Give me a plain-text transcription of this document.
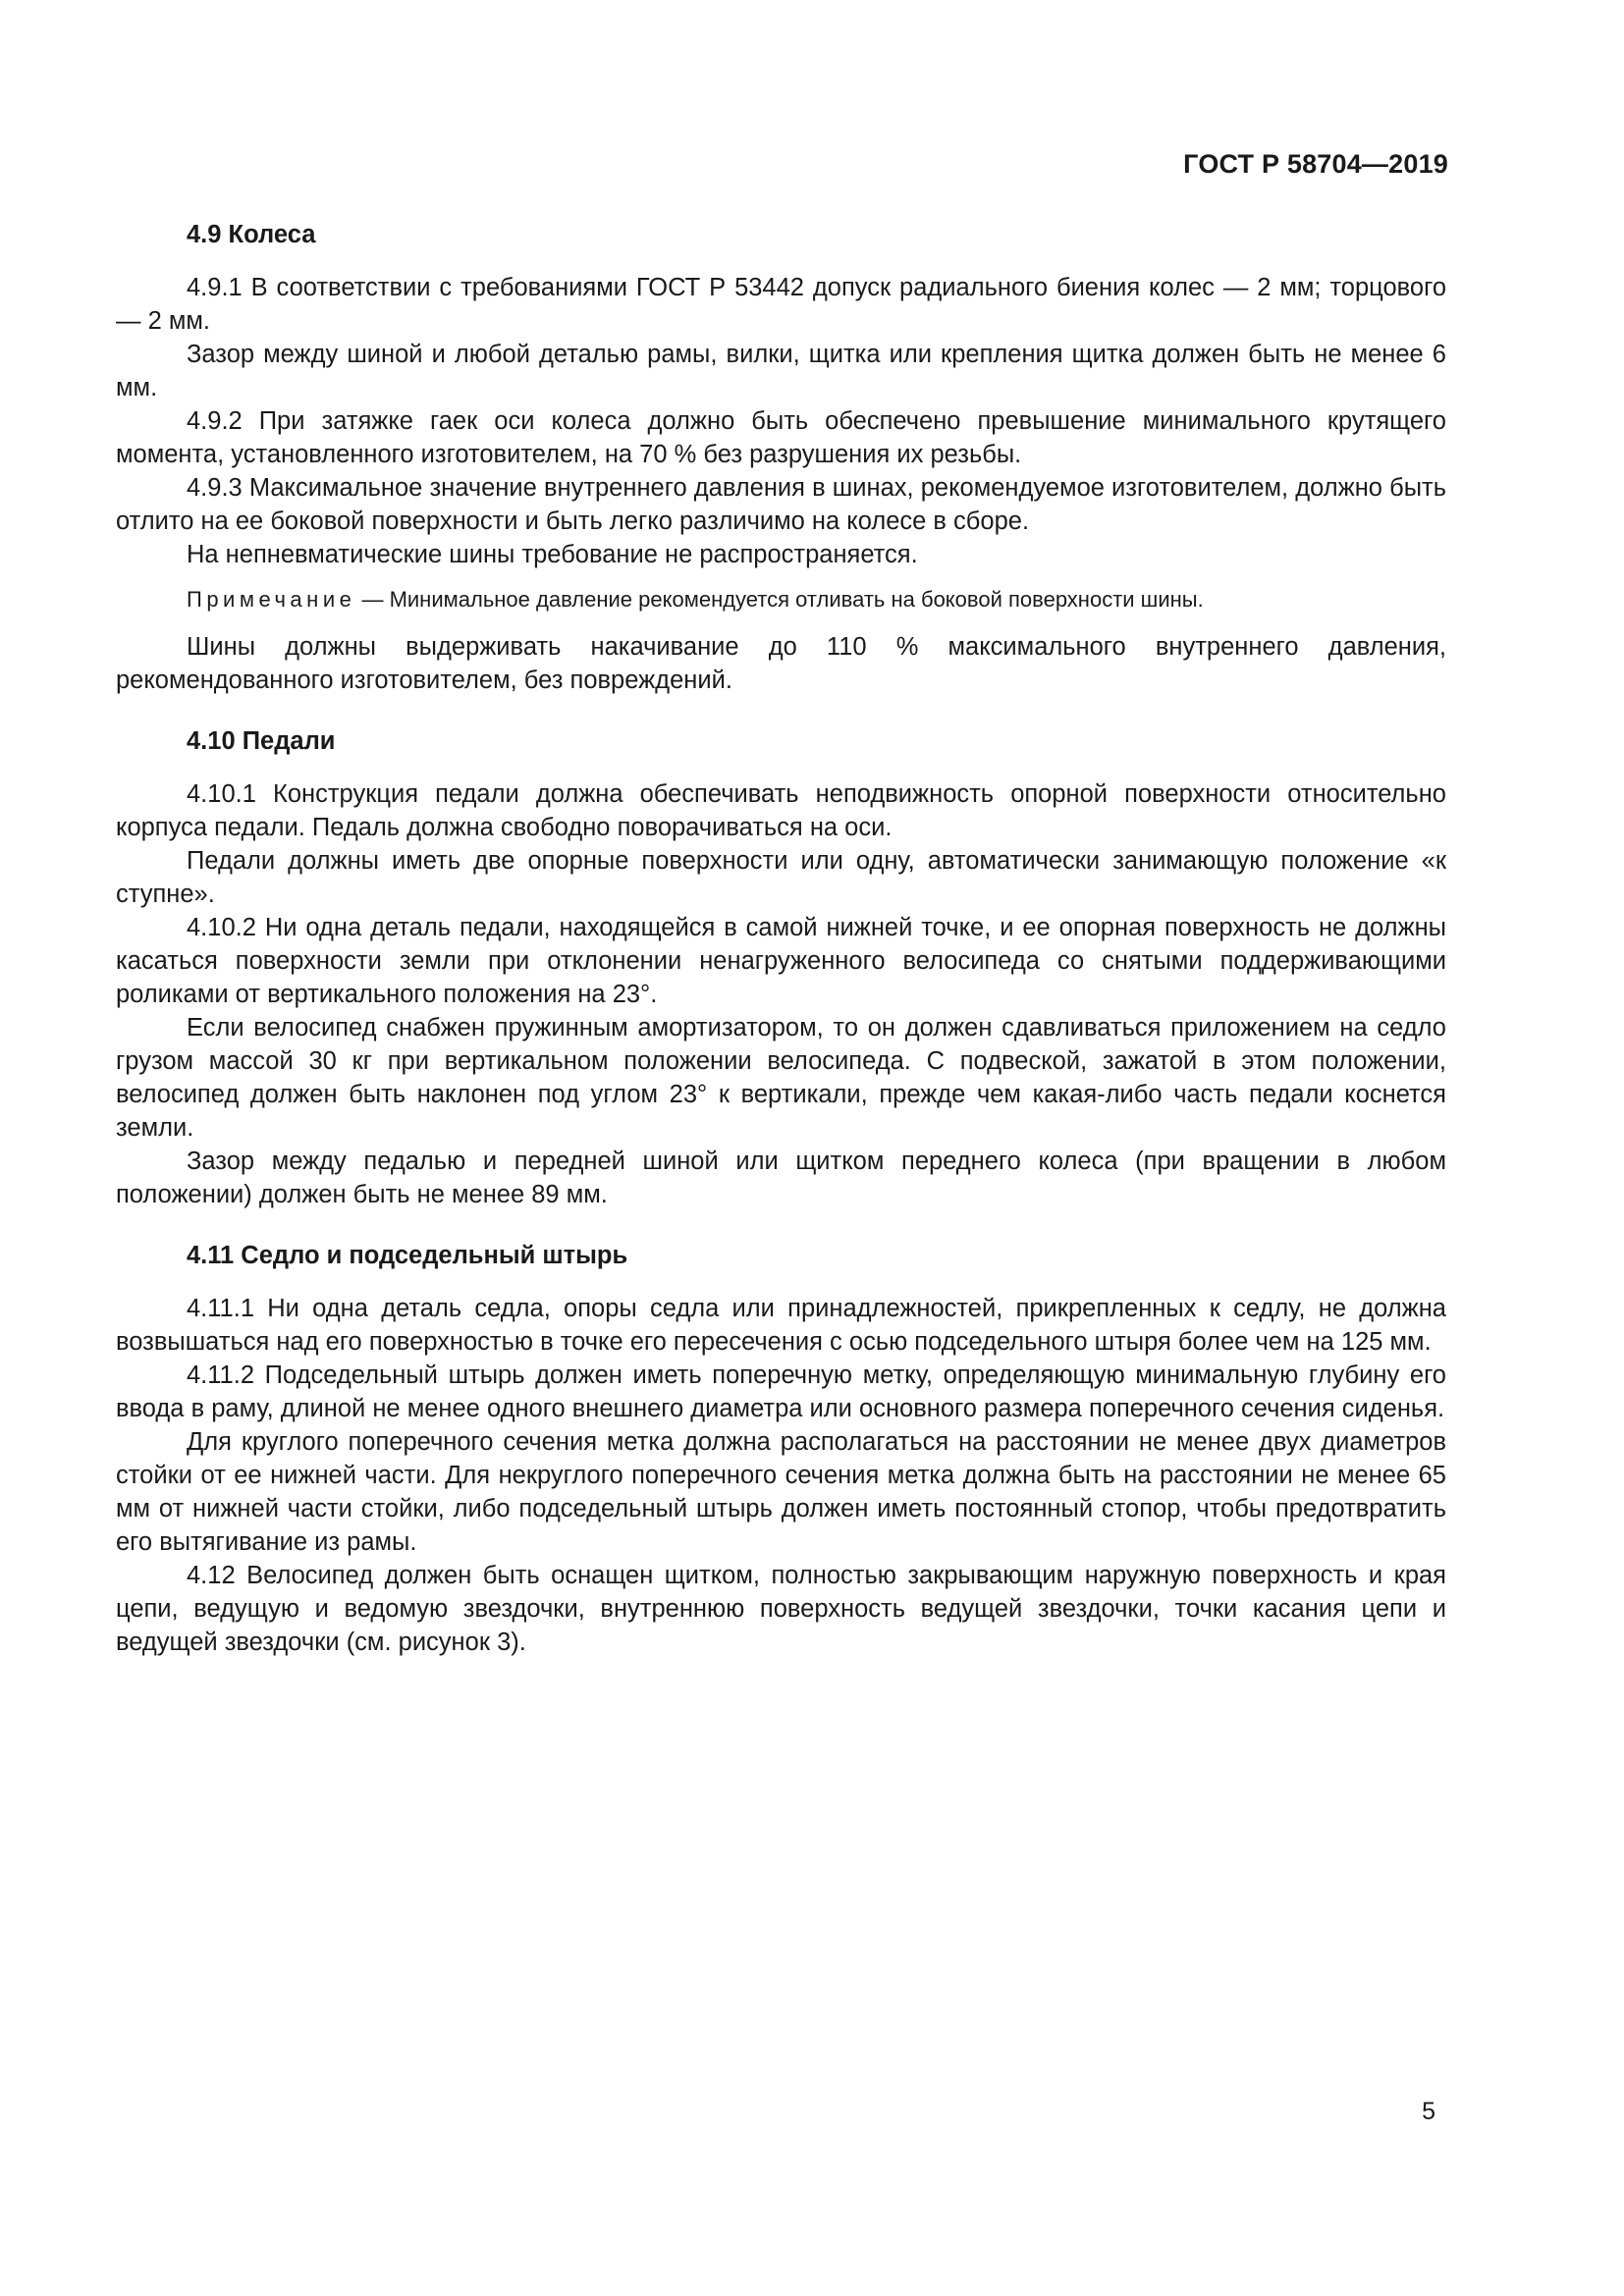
ГОСТ Р 58704—2019
4.9 Колеса

4.9.1 В соответствии с требованиями ГОСТ Р 53442 допуск радиального биения колес — 2 мм; торцового — 2 мм.

Зазор между шиной и любой деталью рамы, вилки, щитка или крепления щитка должен быть не менее 6 мм.

4.9.2 При затяжке гаек оси колеса должно быть обеспечено превышение минимального крутящего момента, установленного изготовителем, на 70 % без разрушения их резьбы.

4.9.3 Максимальное значение внутреннего давления в шинах, рекомендуемое изготовителем, должно быть отлито на ее боковой поверхности и быть легко различимо на колесе в сборе.

На непневматические шины требование не распространяется.

Примечание — Минимальное давление рекомендуется отливать на боковой поверхности шины.

Шины должны выдерживать накачивание до 110 % максимального внутреннего давления, рекомендованного изготовителем, без повреждений.

4.10 Педали

4.10.1 Конструкция педали должна обеспечивать неподвижность опорной поверхности относительно корпуса педали. Педаль должна свободно поворачиваться на оси.

Педали должны иметь две опорные поверхности или одну, автоматически занимающую положение «к ступне».

4.10.2 Ни одна деталь педали, находящейся в самой нижней точке, и ее опорная поверхность не должны касаться поверхности земли при отклонении ненагруженного велосипеда со снятыми поддерживающими роликами от вертикального положения на 23°.

Если велосипед снабжен пружинным амортизатором, то он должен сдавливаться приложением на седло грузом массой 30 кг при вертикальном положении велосипеда. С подвеской, зажатой в этом положении, велосипед должен быть наклонен под углом 23° к вертикали, прежде чем какая-либо часть педали коснется земли.

Зазор между педалью и передней шиной или щитком переднего колеса (при вращении в любом положении) должен быть не менее 89 мм.

4.11 Седло и подседельный штырь

4.11.1 Ни одна деталь седла, опоры седла или принадлежностей, прикрепленных к седлу, не должна возвышаться над его поверхностью в точке его пересечения с осью подседельного штыря более чем на 125 мм.

4.11.2 Подседельный штырь должен иметь поперечную метку, определяющую минимальную глубину его ввода в раму, длиной не менее одного внешнего диаметра или основного размера поперечного сечения сиденья.

Для круглого поперечного сечения метка должна располагаться на расстоянии не менее двух диаметров стойки от ее нижней части. Для некруглого поперечного сечения метка должна быть на расстоянии не менее 65 мм от нижней части стойки, либо подседельный штырь должен иметь постоянный стопор, чтобы предотвратить его вытягивание из рамы.

4.12 Велосипед должен быть оснащен щитком, полностью закрывающим наружную поверхность и края цепи, ведущую и ведомую звездочки, внутреннюю поверхность ведущей звездочки, точки касания цепи и ведущей звездочки (см. рисунок 3).

5
